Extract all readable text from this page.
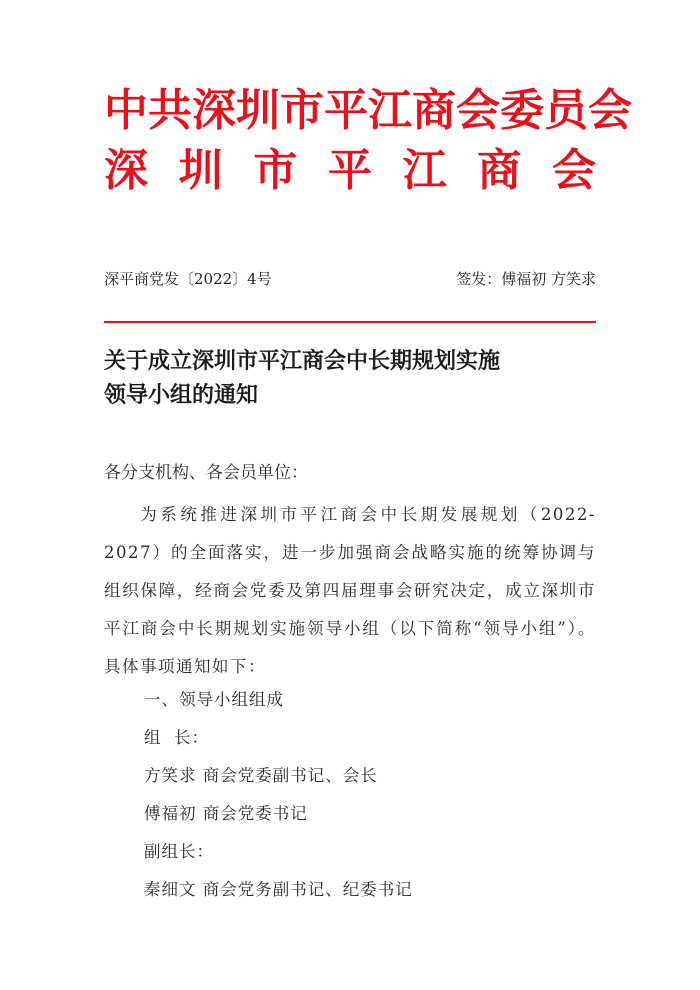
中共深圳市平江商会委员会
深 圳 市 平 江 商 会
深平商党发〔2022〕4号	签发：傅福初 方笑求
关于成立深圳市平江商会中长期规划实施
领导小组的通知
各分支机构、各会员单位：
为系统推进深圳市平江商会中长期发展规划（2022-2027）的全面落实，进一步加强商会战略实施的统筹协调与组织保障，经商会党委及第四届理事会研究决定，成立深圳市平江商会中长期规划实施领导小组（以下简称“领导小组”）。具体事项通知如下：
一、领导小组组成
组  长：
方笑求 商会党委副书记、会长
傅福初 商会党委书记
副组长：
秦细文 商会党务副书记、纪委书记
